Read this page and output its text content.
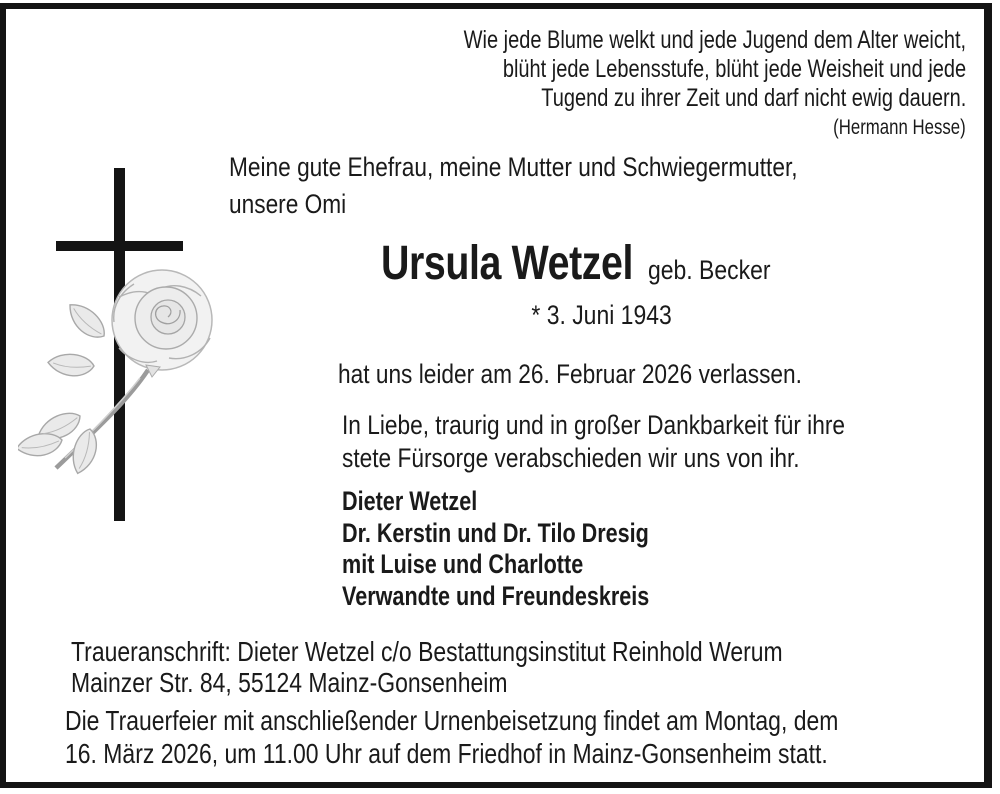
Wie jede Blume welkt und jede Jugend dem Alter weicht,
blüht jede Lebensstufe, blüht jede Weisheit und jede
Tugend zu ihrer Zeit und darf nicht ewig dauern.
(Hermann Hesse)
Meine gute Ehefrau, meine Mutter und Schwiegermutter,
unsere Omi
Ursula Wetzel geb. Becker
* 3. Juni 1943
hat uns leider am 26. Februar 2026 verlassen.
In Liebe, traurig und in großer Dankbarkeit für ihre
stete Fürsorge verabschieden wir uns von ihr.
Dieter Wetzel
Dr. Kerstin und Dr. Tilo Dresig
mit Luise und Charlotte
Verwandte und Freundeskreis
Traueranschrift: Dieter Wetzel c/o Bestattungsinstitut Reinhold Werum
Mainzer Str. 84, 55124 Mainz-Gonsenheim
Die Trauerfeier mit anschließender Urnenbeisetzung findet am Montag, dem
16. März 2026, um 11.00 Uhr auf dem Friedhof in Mainz-Gonsenheim statt.
